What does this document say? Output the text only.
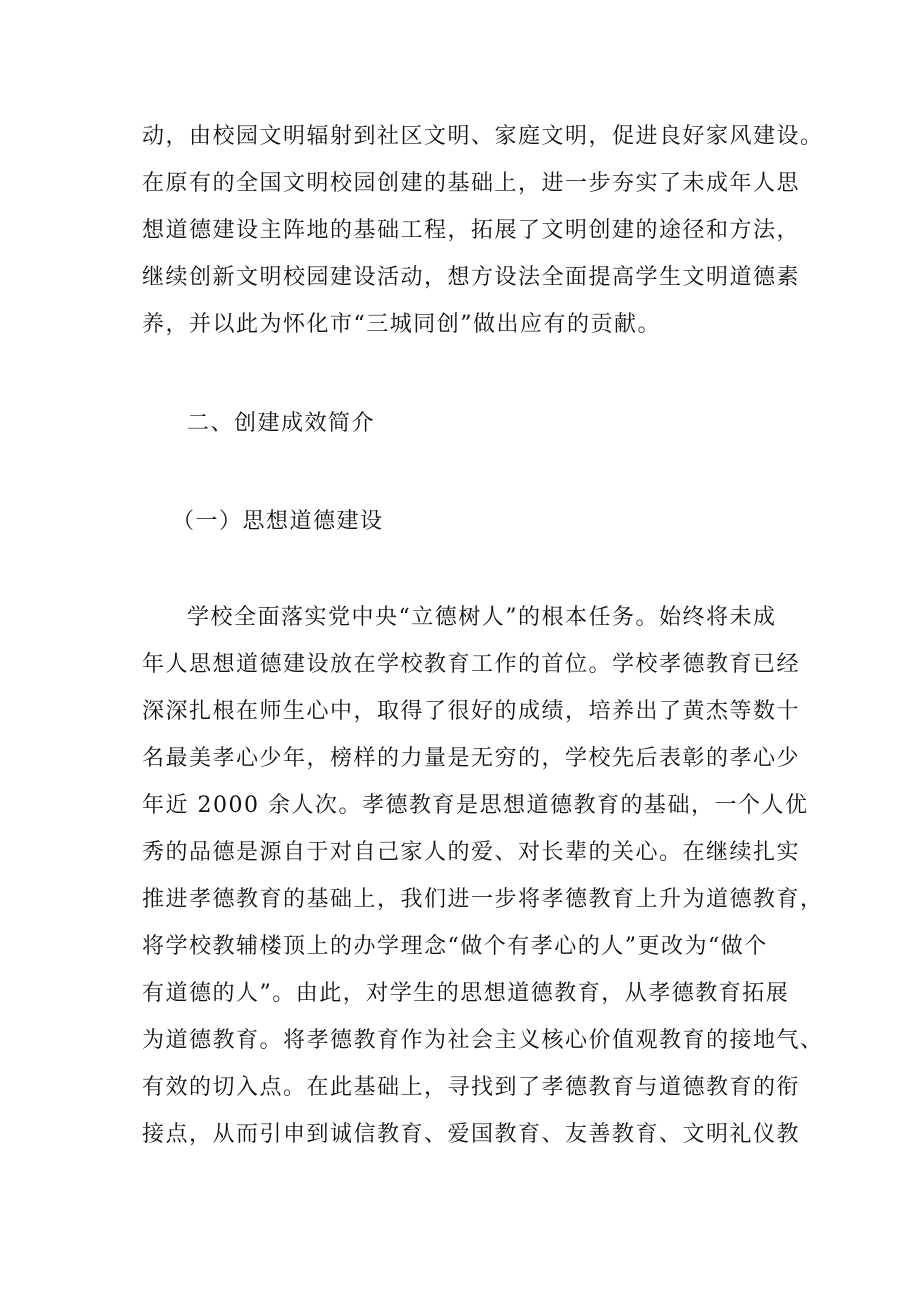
动，由校园文明辐射到社区文明、家庭文明，促进良好家风建设。
在原有的全国文明校园创建的基础上，进一步夯实了未成年人思
想道德建设主阵地的基础工程，拓展了文明创建的途径和方法，
继续创新文明校园建设活动，想方设法全面提高学生文明道德素
养，并以此为怀化市“三城同创”做出应有的贡献。
二、创建成效简介
（一）思想道德建设
学校全面落实党中央“立德树人”的根本任务。始终将未成
年人思想道德建设放在学校教育工作的首位。学校孝德教育已经
深深扎根在师生心中，取得了很好的成绩，培养出了黄杰等数十
名最美孝心少年，榜样的力量是无穷的，学校先后表彰的孝心少
年近 2000 余人次。孝德教育是思想道德教育的基础，一个人优
秀的品德是源自于对自己家人的爱、对长辈的关心。在继续扎实
推进孝德教育的基础上，我们进一步将孝德教育上升为道德教育，
将学校教辅楼顶上的办学理念“做个有孝心的人”更改为“做个
有道德的人”。由此，对学生的思想道德教育，从孝德教育拓展
为道德教育。将孝德教育作为社会主义核心价值观教育的接地气、
有效的切入点。在此基础上，寻找到了孝德教育与道德教育的衔
接点，从而引申到诚信教育、爱国教育、友善教育、文明礼仪教
